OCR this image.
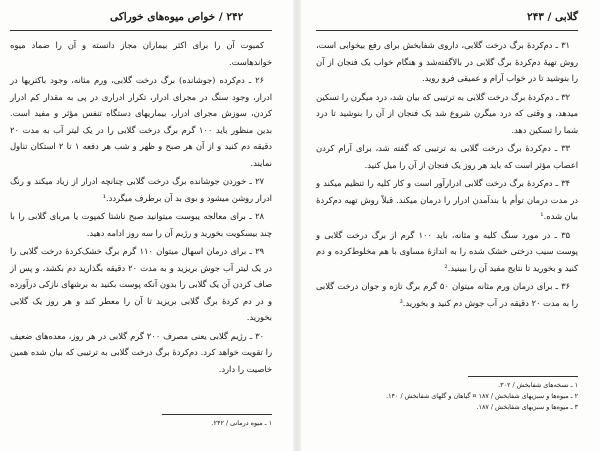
۲۴۲ / خواص میوه‌های خوراکی

کمبوت آن را برای اکثر بیماران مجاز دانسته و آن را ضماد میوه خواندهاست.

۲۶ ـ دم‌کرده (جوشانده) برگ درخت گلابی، ورم مثانه، وجود باکتریها در ادرار، وجود سنگ در مجرای ادرار، تکرار ادراری در پی به مقدار کم ادرار کردن، سوزش مجرای ادرار، بیماریهای دستگاه تنفس مؤثر و مفید است. بدین منظور باید ۱۰۰ گرم برگ درخت گلابی را در یک لیتر آب به مدت ۲۰ دقیقه دم کنید و از آن هر صبح و ظهر و شب هر دفعه ۱ تا ۲ استکان تناول نمایند.

۲۷ ـ خوردن جوشانده برگ درخت گلابی چنانچه ادرار از زیاد میکند و رنگ ادرار روشن میشود و بوی بد آن برطرف میگردد.¹

۲۸ ـ برای معالجه یبوست میتوانید صبح ناشتا کمپوت یا مربای گلابی را با چند بیسکویت بخورید و رژیم آن را سه روز ادامه دهید.

۲۹ ـ برای درمان اسهال میتوان ۱۱۰ گرم برگ خشک‌کردهٔ درخت گلابی را در یک لیتر آب جوش بریزید و به مدت ۲۰ دقیقه بگذارید دم بکشد، و پس از صاف کردن آن یک گلابی را بدون آنکه پوست بکنید به برشهای نازکی درآورده و در دم کردهٔ برگ گلابی بریزید تا آن را معطر کند و هر روز یک گلابی بخورید.

۳۰ ـ رژیم گلابی یعنی مصرف ۲۰۰ گرم گلابی در هر روز، معده‌های ضعیف را تقویت خواهد کرد. دم‌کردهٔ برگ درخت گلابی به ترتیبی که بیان شده همین خاصیت را دارد.

۱ ـ میوه درمانی / ۲۴۲.

گلابی / ۲۴۳

۳۱ ـ دم‌کردهٔ برگ درخت گلابی، داروی شفابخش برای رفع بیخوابی است، روش تهیهٔ دم‌کردهٔ برگ گلابی در بالاگفته‌شد و هنگام خواب یک فنجان از آن را بنوشید تا در خواب آرام و عمیقی فرو روید.

۳۲ ـ دم‌کردهٔ برگ درخت گلابی به ترتیبی که بیان شد، درد میگرن را تسکین میدهد، و وقتی که درد میگرن شروع شد یک فنجان از آن را بنوشید تا درد شما را تسکین دهد.

۳۳ ـ دم‌کردهٔ برگ درخت گلابی به ترتیبی که گفته شد، برای آرام کردن اعصاب مؤثر است که باید هر روز یک فنجان از آن را میل کنید.

۳۴ ـ دم‌کردهٔ برگ درخت گلابی ادرارآور است و کار کلیه را تنظیم میکند و در مدت درمان توأم با بندآمدن ادرار را درمان میکند. قبلاً روش تهیه دم‌کردهٔ بیان شده.¹

۳۵ ـ در مورد سنگ کلیه و مثانه، باید ۱۰۰ گرم از برگ درخت گلابی و پوست سیب درختی خشک شده را به اندازهٔ مساوی با هم مخلوط‌کرده و دم کنید و بخورید تا نتایج مفید آن را ببینید.²

۳۶ ـ برای درمان ورم مثانه میتوان ۵۰ گرم برگ تازه و جوان درخت گلابی را به مدت ۲۰ دقیقه در آب جوش دم کنید و بخورید.³

۱ ـ نسخه‌های شفابخش / ۳۰۲.

۲ ـ میوه‌ها و سبزیهای شفابخش / ۱۸۷ ¤ گیاهان و گلهای شفابخش / ۱۴۰.

۳ ـ میوه‌ها و سبزیهای شفابخش / ۱۸۷.
